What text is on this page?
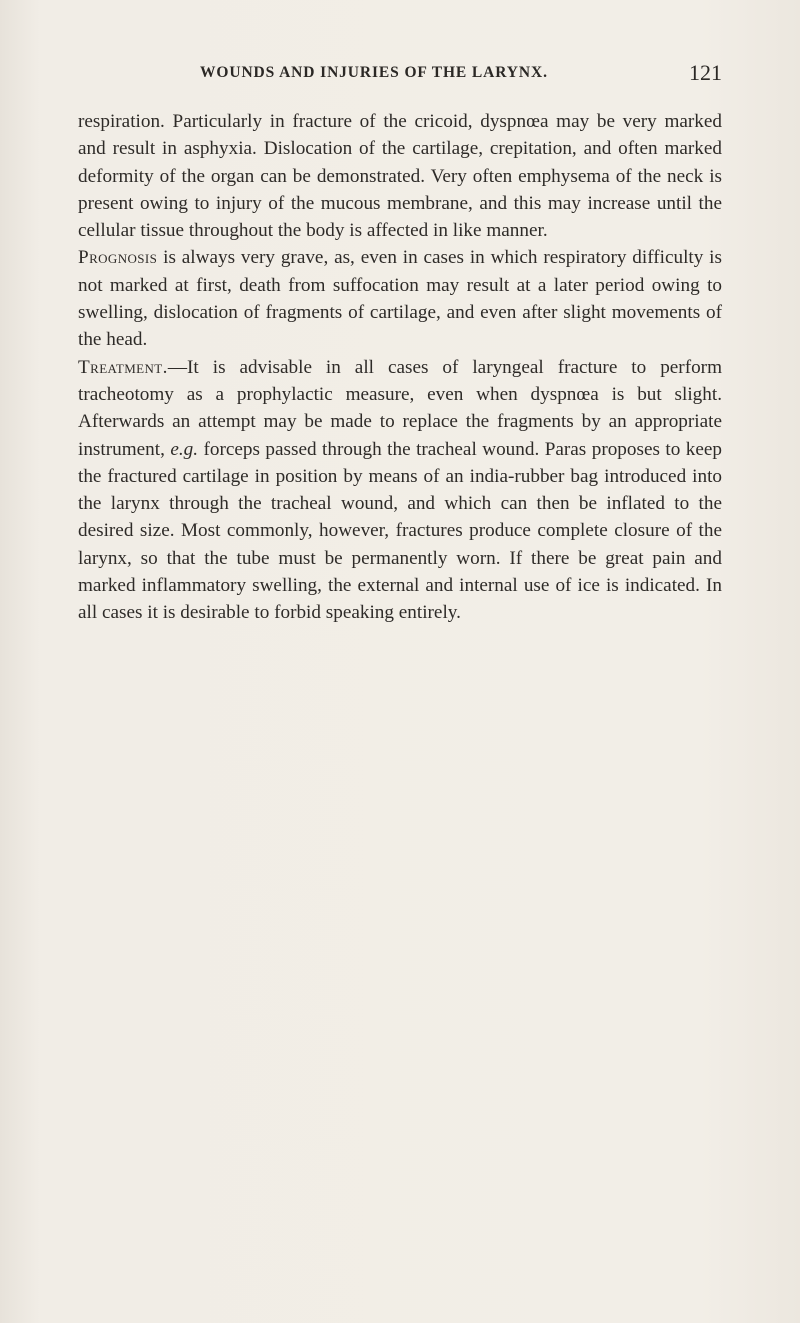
WOUNDS AND INJURIES OF THE LARYNX.	121

respiration. Particularly in fracture of the cricoid, dyspnœa may be very marked and result in asphyxia. Dislocation of the cartilage, crepitation, and often marked deformity of the organ can be demonstrated. Very often emphysema of the neck is present owing to injury of the mucous membrane, and this may increase until the cellular tissue throughout the body is affected in like manner.

Prognosis is always very grave, as, even in cases in which respiratory difficulty is not marked at first, death from suffocation may result at a later period owing to swelling, dislocation of fragments of cartilage, and even after slight movements of the head.

Treatment.—It is advisable in all cases of laryngeal fracture to perform tracheotomy as a prophylactic measure, even when dyspnœa is but slight. Afterwards an attempt may be made to replace the fragments by an appropriate instrument, e.g. forceps passed through the tracheal wound. Paras proposes to keep the fractured cartilage in position by means of an india-rubber bag introduced into the larynx through the tracheal wound, and which can then be inflated to the desired size. Most commonly, however, fractures produce complete closure of the larynx, so that the tube must be permanently worn. If there be great pain and marked inflammatory swelling, the external and internal use of ice is indicated. In all cases it is desirable to forbid speaking entirely.
